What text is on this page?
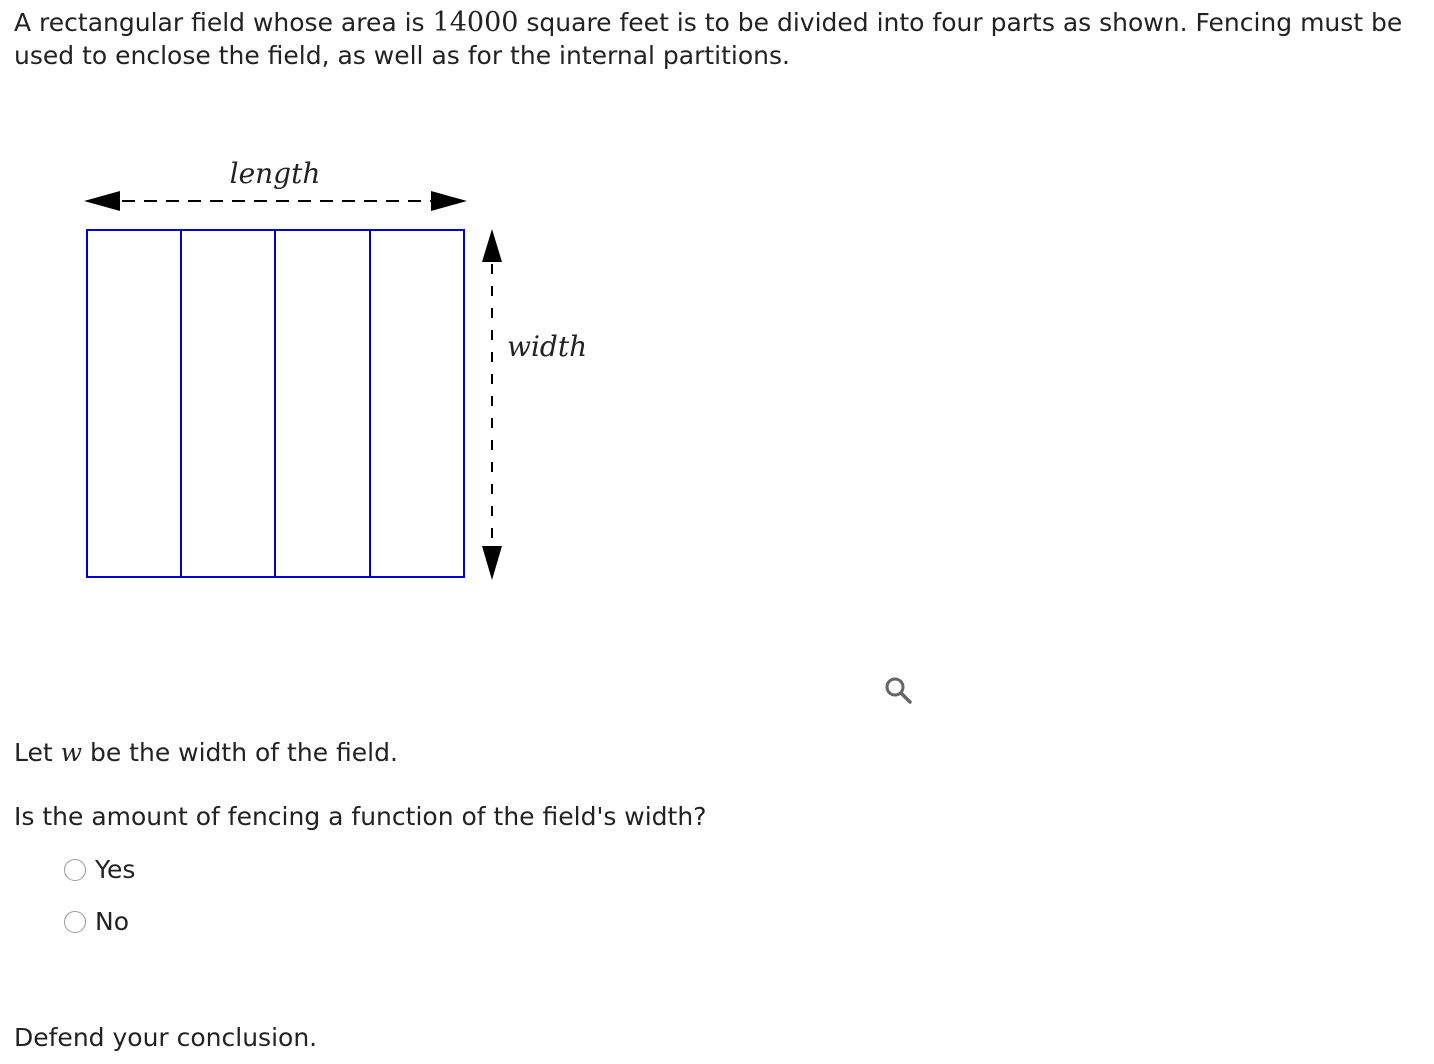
A rectangular field whose area is 14000 square feet is to be divided into four parts as shown. Fencing must be used to enclose the field, as well as for the internal partitions.

length
width

Let w be the width of the field.

Is the amount of fencing a function of the field's width?

Yes
No

Defend your conclusion.
